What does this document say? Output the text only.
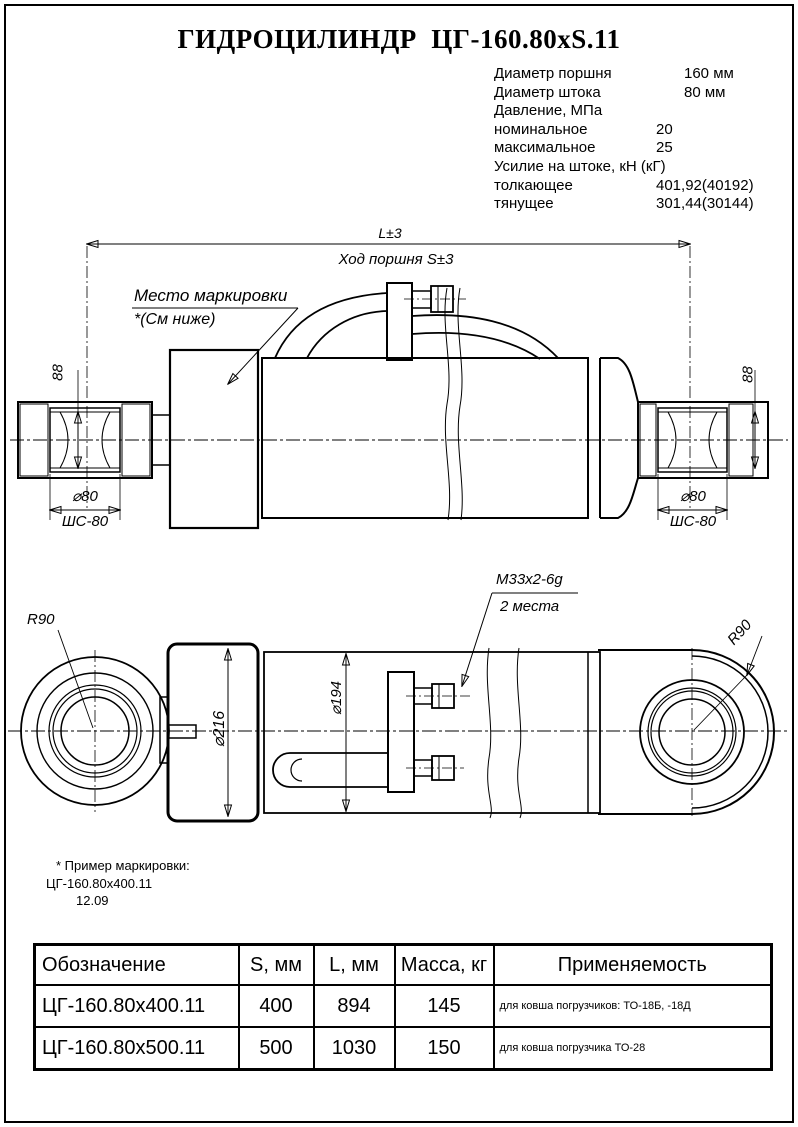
ГИДРОЦИЛИНДР  ЦГ-160.80хS.11
Диаметр поршня	160 мм
Диаметр штока	80 мм
Давление, МПа
номинальное	20
максимальное	25
Усилие на штоке, кН (кГ)
толкающее	401,92(40192)
тянущее	301,44(30144)
L±3
Ход поршня S±3
Место маркировки
*(См ниже)
88	88
⌀80
ШС-80
⌀80
ШС-80
R90	R90
⌀216
⌀194
М33х2-6g
2 места
* Пример маркировки:
ЦГ-160.80х400.11
12.09
Обозначение	S, мм	L, мм	Масса, кг	Применяемость
ЦГ-160.80х400.11	400	894	145	для ковша погрузчиков: ТО-18Б, -18Д
ЦГ-160.80х500.11	500	1030	150	для ковша погрузчика ТО-28
